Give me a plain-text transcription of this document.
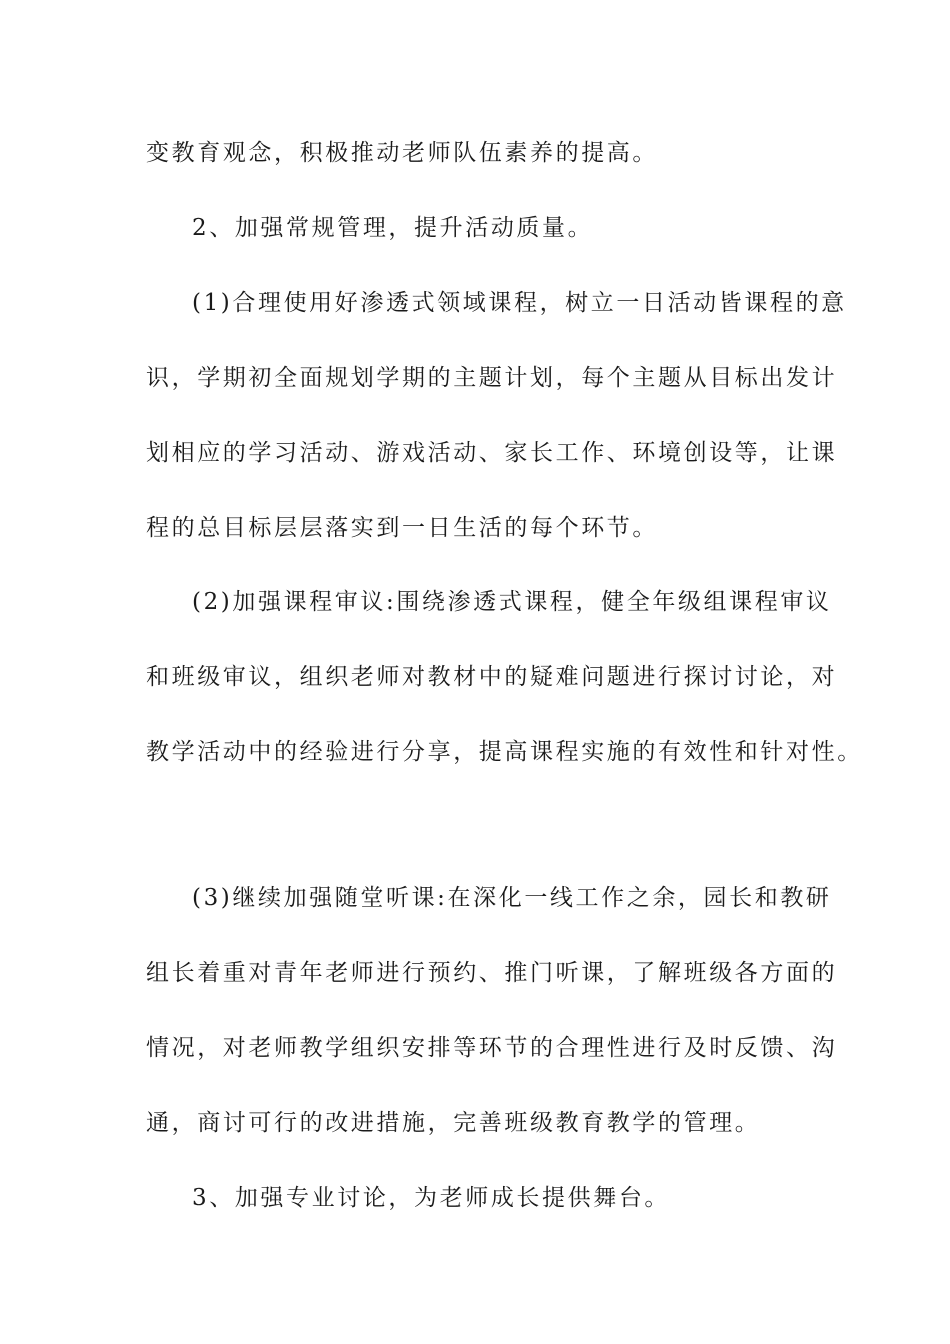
变教育观念，积极推动老师队伍素养的提高。
2、加强常规管理，提升活动质量。
(1)合理使用好渗透式领域课程，树立一日活动皆课程的意
识，学期初全面规划学期的主题计划，每个主题从目标出发计
划相应的学习活动、游戏活动、家长工作、环境创设等，让课
程的总目标层层落实到一日生活的每个环节。
(2)加强课程审议:围绕渗透式课程，健全年级组课程审议
和班级审议，组织老师对教材中的疑难问题进行探讨讨论，对
教学活动中的经验进行分享，提高课程实施的有效性和针对性。
(3)继续加强随堂听课:在深化一线工作之余，园长和教研
组长着重对青年老师进行预约、推门听课，了解班级各方面的
情况，对老师教学组织安排等环节的合理性进行及时反馈、沟
通，商讨可行的改进措施，完善班级教育教学的管理。
3、加强专业讨论，为老师成长提供舞台。
